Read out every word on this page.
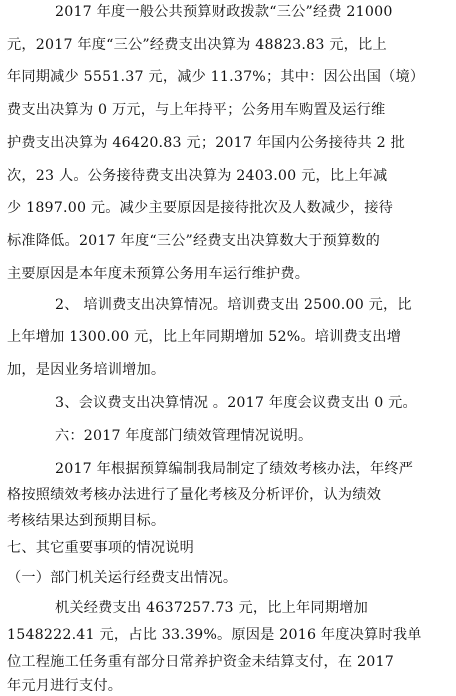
2017 年度一般公共预算财政拨款“三公”经费 21000
元，2017 年度“三公”经费支出决算为 48823.83 元，比上
年同期减少 5551.37 元，减少 11.37%；其中：因公出国（境）
费支出决算为 0 万元，与上年持平；公务用车购置及运行维
护费支出决算为 46420.83 元；2017 年国内公务接待共 2 批
次，23 人。公务接待费支出决算为 2403.00 元，比上年减
少 1897.00 元。减少主要原因是接待批次及人数减少，接待
标准降低。2017 年度“三公”经费支出决算数大于预算数的
主要原因是本年度未预算公务用车运行维护费。
2、 培训费支出决算情况。培训费支出 2500.00 元，比
上年增加 1300.00 元，比上年同期增加 52%。培训费支出增
加，是因业务培训增加。
3、会议费支出决算情况 。2017 年度会议费支出 0 元。
六：2017 年度部门绩效管理情况说明。
2017 年根据预算编制我局制定了绩效考核办法，年终严
格按照绩效考核办法进行了量化考核及分析评价，认为绩效
考核结果达到预期目标。
七、其它重要事项的情况说明
（一）部门机关运行经费支出情况。
机关经费支出 4637257.73 元，比上年同期增加
1548222.41 元，占比 33.39%。原因是 2016 年度决算时我单
位工程施工任务重有部分日常养护资金未结算支付，在 2017
年元月进行支付。
